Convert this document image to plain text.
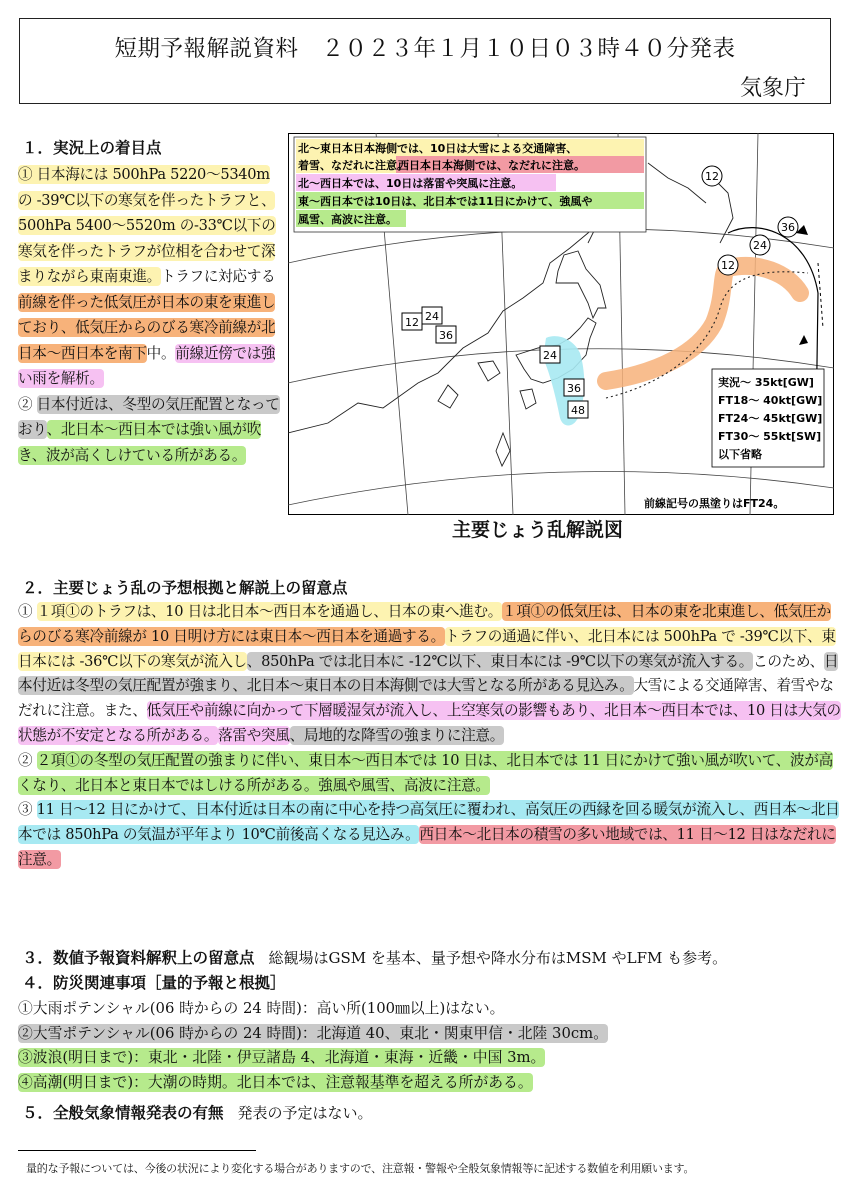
短期予報解説資料　２０２３年１月１０日０３時４０分発表
気象庁
１．実況上の着目点
① 日本海には 500hPa 5220～5340m の -39℃以下の寒気を伴ったトラフと、500hPa 5400～5520m の-33℃以下の寒気を伴ったトラフが位相を合わせて深まりながら東南東進。トラフに対応する前線を伴った低気圧が日本の東を東進しており、低気圧からのびる寒冷前線が北日本～西日本を南下中。前線近傍では強い雨を解析。
② 日本付近は、冬型の気圧配置となっており、北日本～西日本では強い風が吹き、波が高くしけている所がある。
北～東日本日本海側では、10日は大雪による交通障害、
着雪、なだれに注意。
西日本日本海側では、なだれに注意。
北～西日本では、10日は落雷や突風に注意。
東～西日本では10日は、北日本では11日にかけて、強風や
風雪、高波に注意。
12
12
24
36
12 24
36
24
36
48
実況～ 35kt[GW]
FT18～ 40kt[GW]
FT24～ 45kt[GW]
FT30～ 55kt[SW]
以下省略
前線記号の黒塗りはFT24。
主要じょう乱解説図
２．主要じょう乱の予想根拠と解説上の留意点
① １項①のトラフは、10 日は北日本～西日本を通過し、日本の東へ進む。１項①の低気圧は、日本の東を北東進し、低気圧からのびる寒冷前線が 10 日明け方には東日本～西日本を通過する。トラフの通過に伴い、北日本には 500hPa で -39℃以下、東日本には -36℃以下の寒気が流入し、850hPa では北日本に -12℃以下、東日本には -9℃以下の寒気が流入する。このため、日本付近は冬型の気圧配置が強まり、北日本～東日本の日本海側では大雪となる所がある見込み。大雪による交通障害、着雪やなだれに注意。また、低気圧や前線に向かって下層暖湿気が流入し、上空寒気の影響もあり、北日本～西日本では、10 日は大気の状態が不安定となる所がある。落雷や突風、局地的な降雪の強まりに注意。
② ２項①の冬型の気圧配置の強まりに伴い、東日本～西日本では 10 日は、北日本では 11 日にかけて強い風が吹いて、波が高くなり、北日本と東日本ではしける所がある。強風や風雪、高波に注意。
③ 11 日～12 日にかけて、日本付近は日本の南に中心を持つ高気圧に覆われ、高気圧の西縁を回る暖気が流入し、西日本～北日本では 850hPa の気温が平年より 10℃前後高くなる見込み。西日本～北日本の積雪の多い地域では、11 日～12 日はなだれに注意。
３．数値予報資料解釈上の留意点 総観場はGSM を基本、量予想や降水分布はMSM やLFM も参考。
４．防災関連事項［量的予報と根拠］
①大雨ポテンシャル(06 時からの 24 時間)：高い所(100㎜以上)はない。
②大雪ポテンシャル(06 時からの 24 時間)：北海道 40、東北・関東甲信・北陸 30cm。
③波浪(明日まで)：東北・北陸・伊豆諸島 4、北海道・東海・近畿・中国 3m。
④高潮(明日まで)：大潮の時期。北日本では、注意報基準を超える所がある。
５．全般気象情報発表の有無 発表の予定はない。
量的な予報については、今後の状況により変化する場合がありますので、注意報・警報や全般気象情報等に記述する数値を利用願います。
